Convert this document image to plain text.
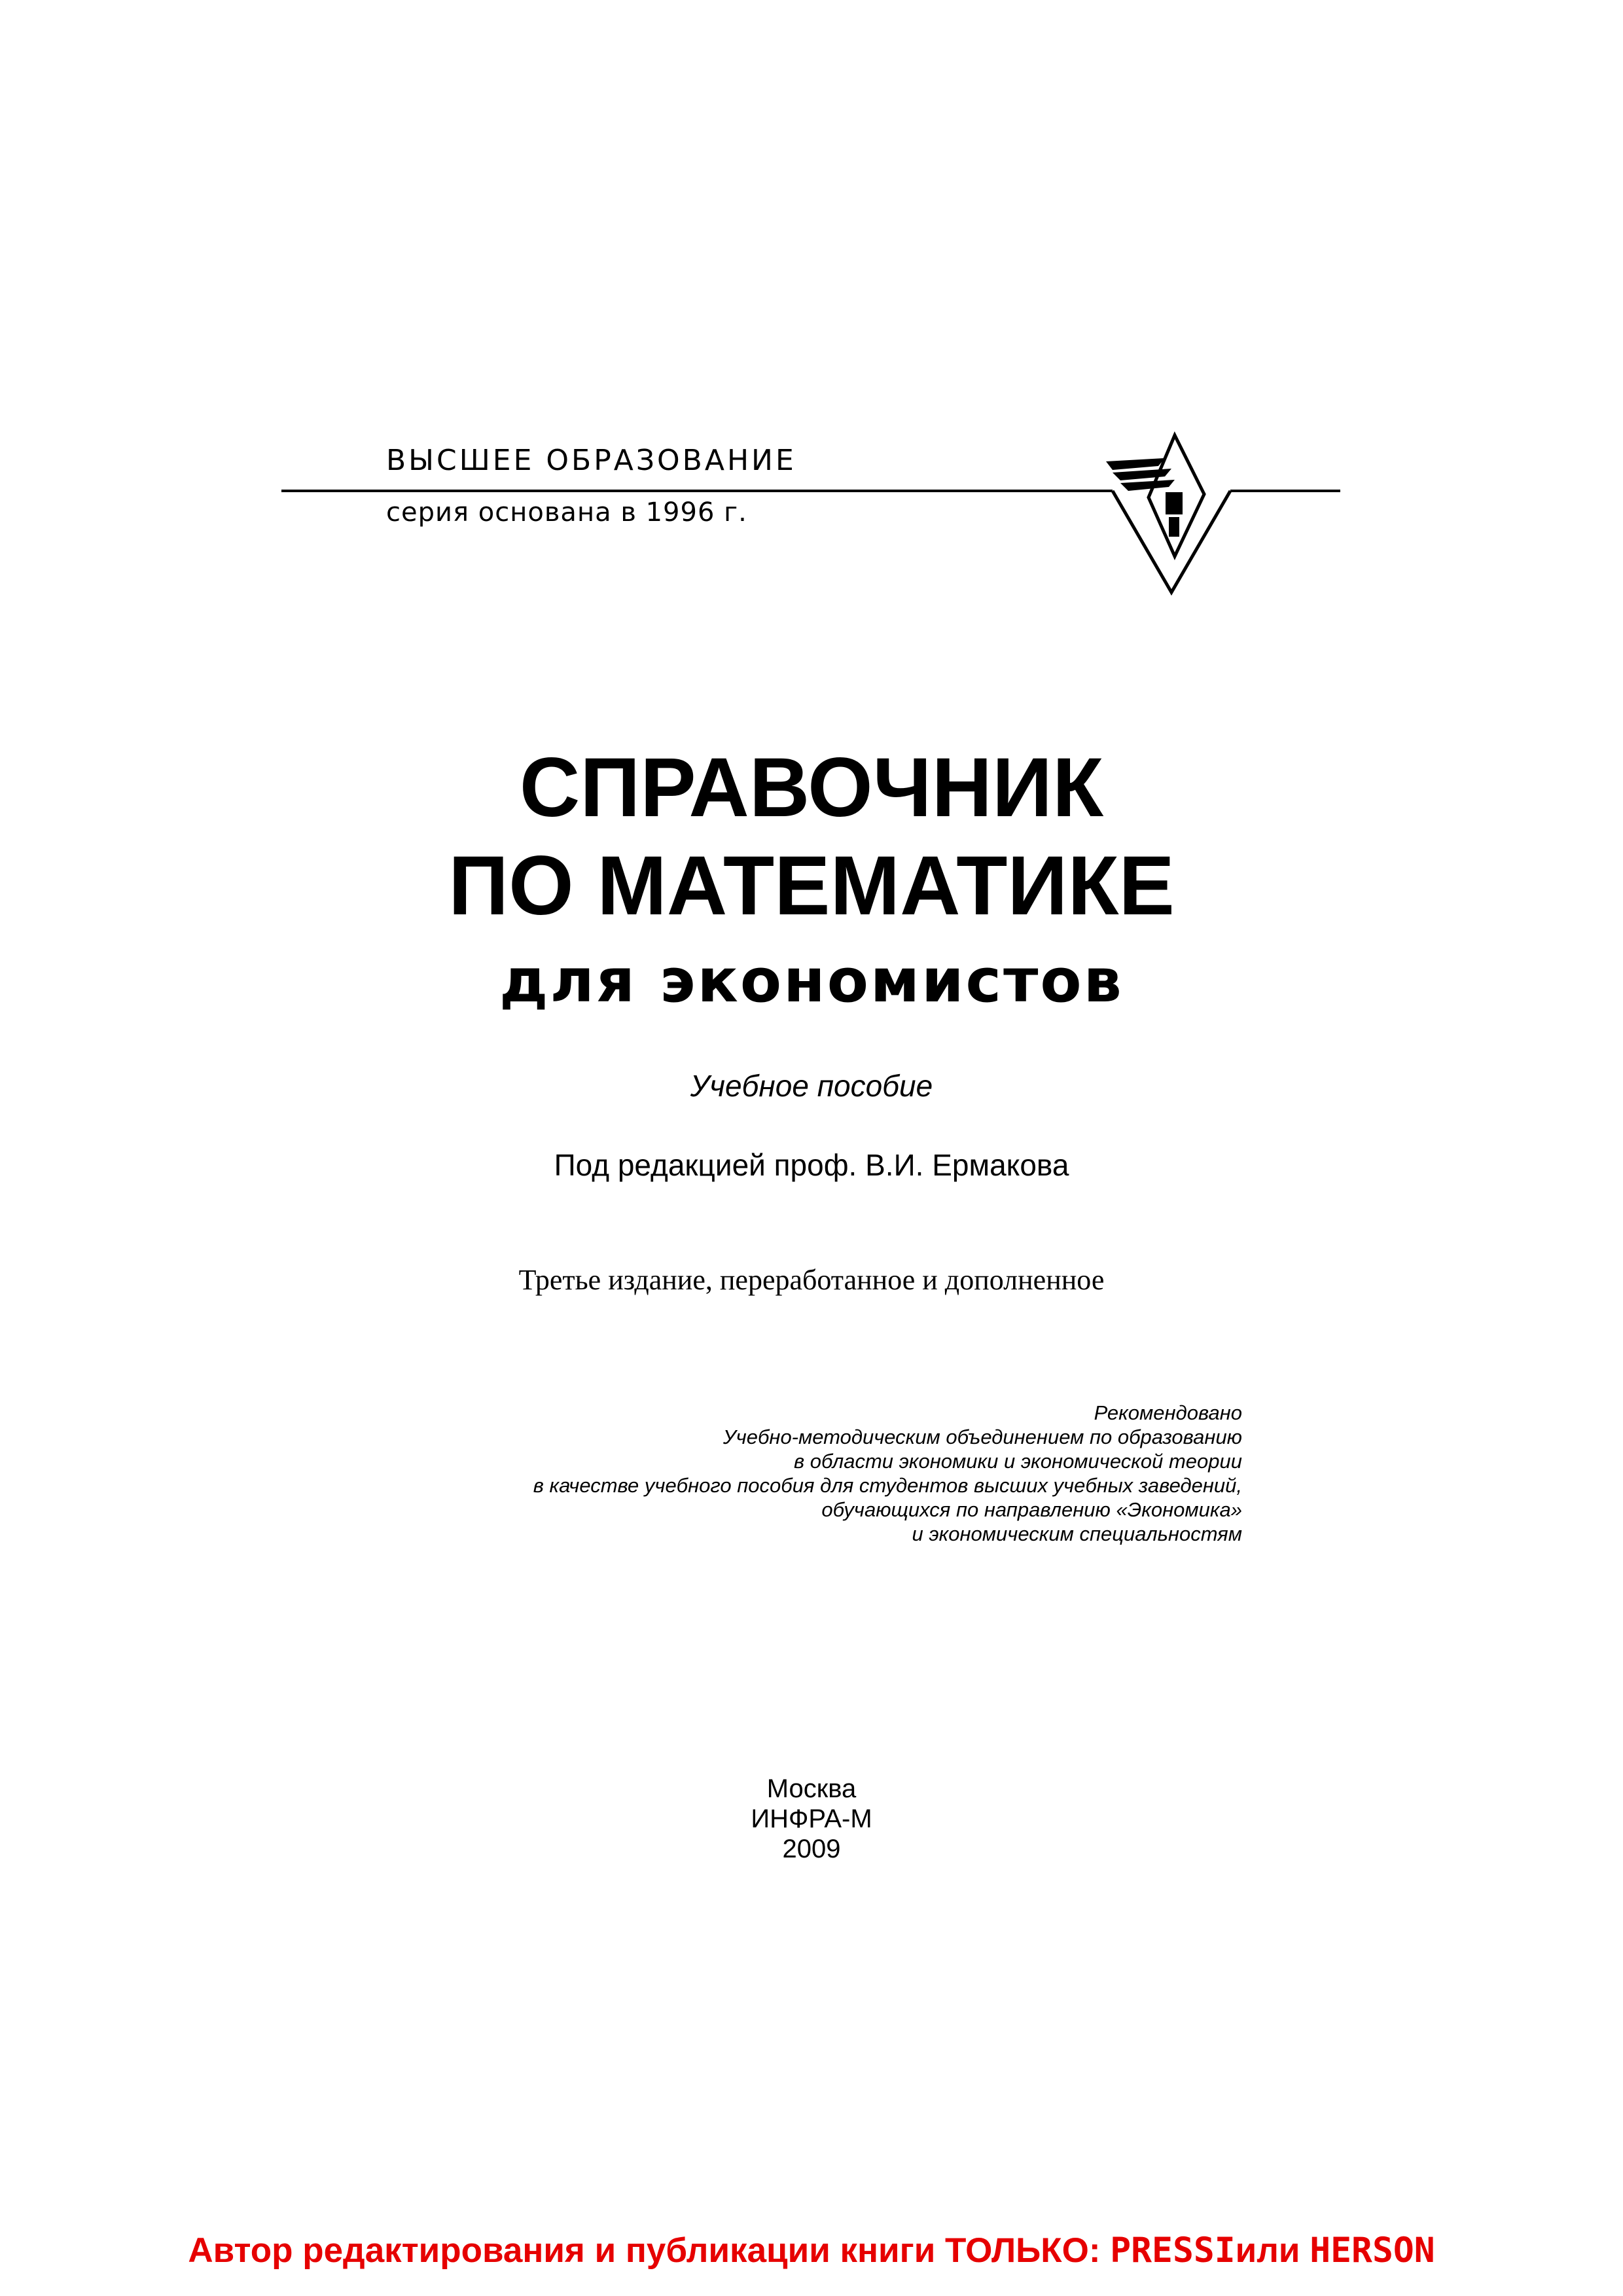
ВЫСШЕЕ ОБРАЗОВАНИЕ
серия основана в 1996 г.
СПРАВОЧНИК
ПО МАТЕМАТИКЕ
для экономистов
Учебное пособие
Под редакцией проф. В.И. Ермакова
Третье издание, переработанное и дополненное
Рекомендовано
Учебно-методическим объединением по образованию
в области экономики и экономической теории
в качестве учебного пособия для студентов высших учебных заведений,
обучающихся по направлению «Экономика»
и экономическим специальностям
Москва
ИНФРА-М
2009
Автор редактирования и публикации книги ТОЛЬКО: PRESSIили HERSON
